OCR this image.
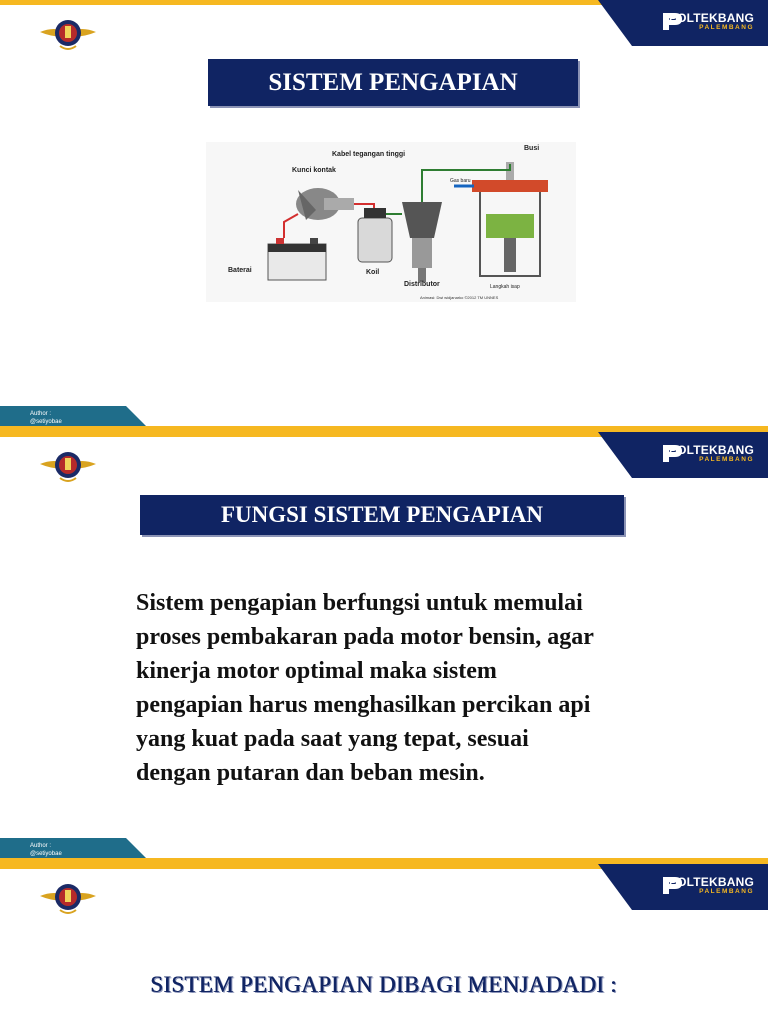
POLTEKBANG
PALEMBANG
SISTEM PENGAPIAN
Kunci kontak
Kabel tegangan tinggi
Busi
Gas baru
Baterai	Koil
Distributor	Langkah isap
Animasi: Dwi widjanarko ©2012 TM UNNES
Author :
@setiyobae
POLTEKBANG
PALEMBANG
FUNGSI SISTEM PENGAPIAN
Sistem pengapian berfungsi untuk memulai
proses pembakaran pada motor bensin, agar
kinerja motor optimal maka sistem
pengapian harus menghasilkan percikan api
yang kuat pada saat yang tepat, sesuai
dengan putaran dan beban mesin.
Author :
@setiyobae
POLTEKBANG
PALEMBANG
SISTEM PENGAPIAN DIBAGI MENJADADI :
